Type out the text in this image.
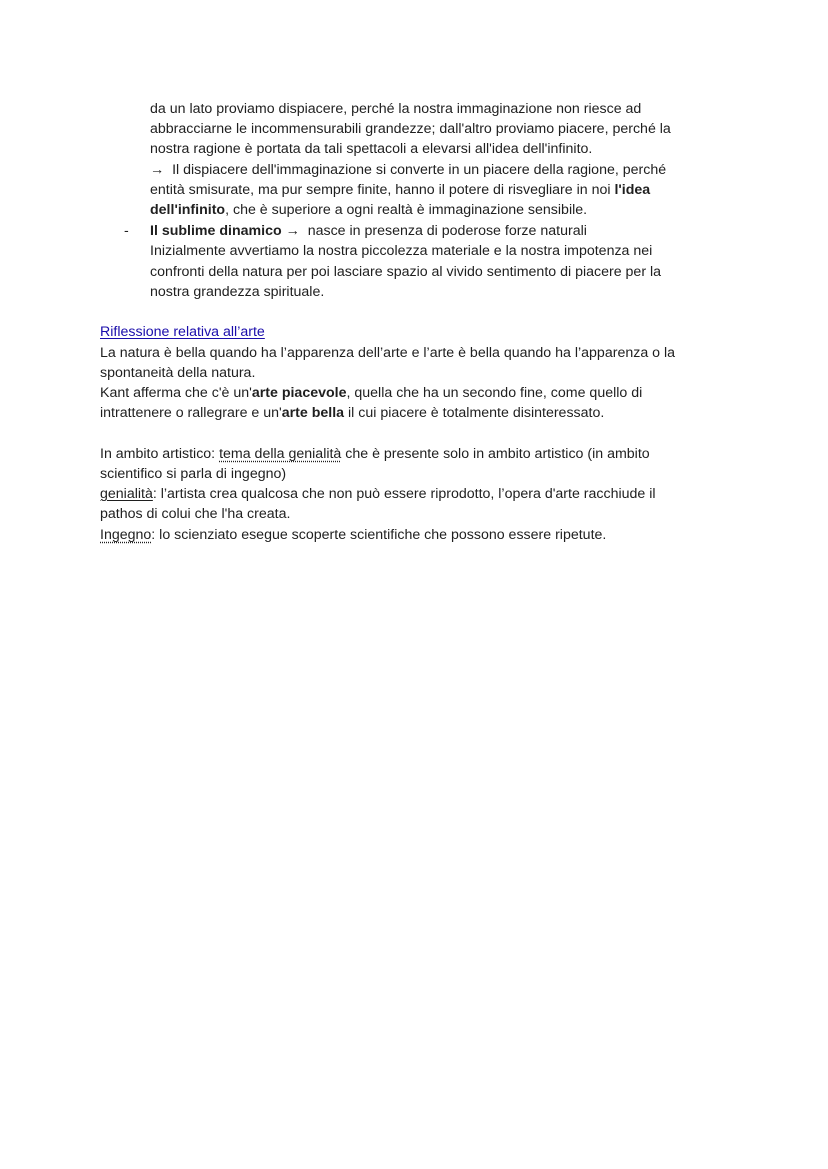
da un lato proviamo dispiacere, perché la nostra immaginazione non riesce ad
abbracciarne le incommensurabili grandezze; dall'altro proviamo piacere, perché la
nostra ragione è portata da tali spettacoli a elevarsi all'idea dell'infinito.
→ Il dispiacere dell'immaginazione si converte in un piacere della ragione, perché
entità smisurate, ma pur sempre finite, hanno il potere di risvegliare in noi l'idea
dell'infinito, che è superiore a ogni realtà è immaginazione sensibile.
- Il sublime dinamico → nasce in presenza di poderose forze naturali
Inizialmente avvertiamo la nostra piccolezza materiale e la nostra impotenza nei
confronti della natura per poi lasciare spazio al vivido sentimento di piacere per la
nostra grandezza spirituale.
Riflessione relativa all’arte
La natura è bella quando ha l’apparenza dell’arte e l’arte è bella quando ha l’apparenza o la
spontaneità della natura.
Kant afferma che c'è un'arte piacevole, quella che ha un secondo fine, come quello di
intrattenere o rallegrare e un'arte bella il cui piacere è totalmente disinteressato.
In ambito artistico: tema della genialità che è presente solo in ambito artistico (in ambito
scientifico si parla di ingegno)
genialità: l’artista crea qualcosa che non può essere riprodotto, l’opera d'arte racchiude il
pathos di colui che l'ha creata.
Ingegno: lo scienziato esegue scoperte scientifiche che possono essere ripetute.
